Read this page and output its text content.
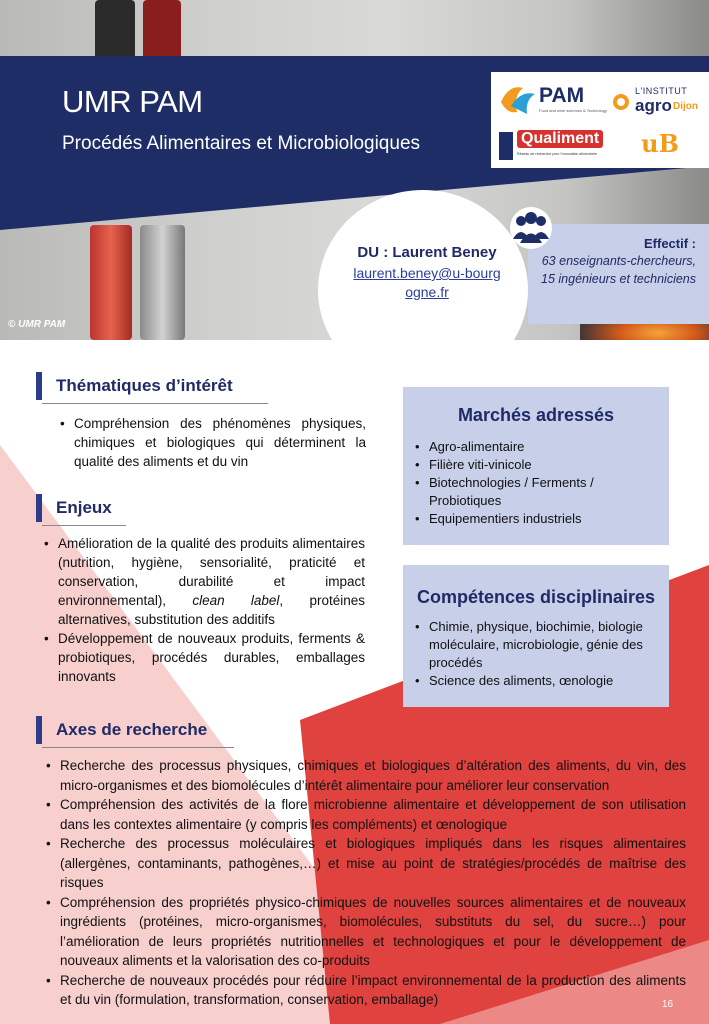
UMR PAM
Procédés Alimentaires et Microbiologiques
PAM
Food and wine sciences & Technology
L'INSTITUT
agro Dijon
Qualiment
Réseau de recherche pour l'innovation alimentaire uB
DU : Laurent Beney
laurent.beney@u-bourgogne.fr
Effectif :
63 enseignants-chercheurs, 15 ingénieurs et techniciens
© UMR PAM
Thématiques d’intérêt
• Compréhension des phénomènes physiques, chimiques et biologiques qui déterminent la qualité des aliments et du vin
Enjeux
• Amélioration de la qualité des produits alimentaires (nutrition, hygiène, sensorialité, praticité et conservation, durabilité et impact environnemental), clean label, protéines alternatives, substitution des additifs
• Développement de nouveaux produits, ferments & probiotiques, procédés durables, emballages innovants
Marchés adressés
• Agro-alimentaire
• Filière viti-vinicole
• Biotechnologies / Ferments / Probiotiques
• Equipementiers industriels
Compétences disciplinaires
• Chimie, physique, biochimie, biologie moléculaire, microbiologie, génie des procédés
• Science des aliments, œnologie
Axes de recherche
• Recherche des processus physiques, chimiques et biologiques d’altération des aliments, du vin, des micro-organismes et des biomolécules d’intérêt alimentaire pour améliorer leur conservation
• Compréhension des activités de la flore microbienne alimentaire et développement de son utilisation dans les contextes alimentaire (y compris les compléments) et œnologique
• Recherche des processus moléculaires et biologiques impliqués dans les risques alimentaires (allergènes, contaminants, pathogènes,…) et mise au point de stratégies/procédés de maîtrise des risques
• Compréhension des propriétés physico-chimiques de nouvelles sources alimentaires et de nouveaux ingrédients (protéines, micro-organismes, biomolécules, substituts du sel, du sucre…) pour l’amélioration de leurs propriétés nutritionnelles et technologiques et pour le développement de nouveaux aliments et la valorisation des co-produits
• Recherche de nouveaux procédés pour réduire l’impact environnemental de la production des aliments et du vin (formulation, transformation, conservation, emballage)	16
